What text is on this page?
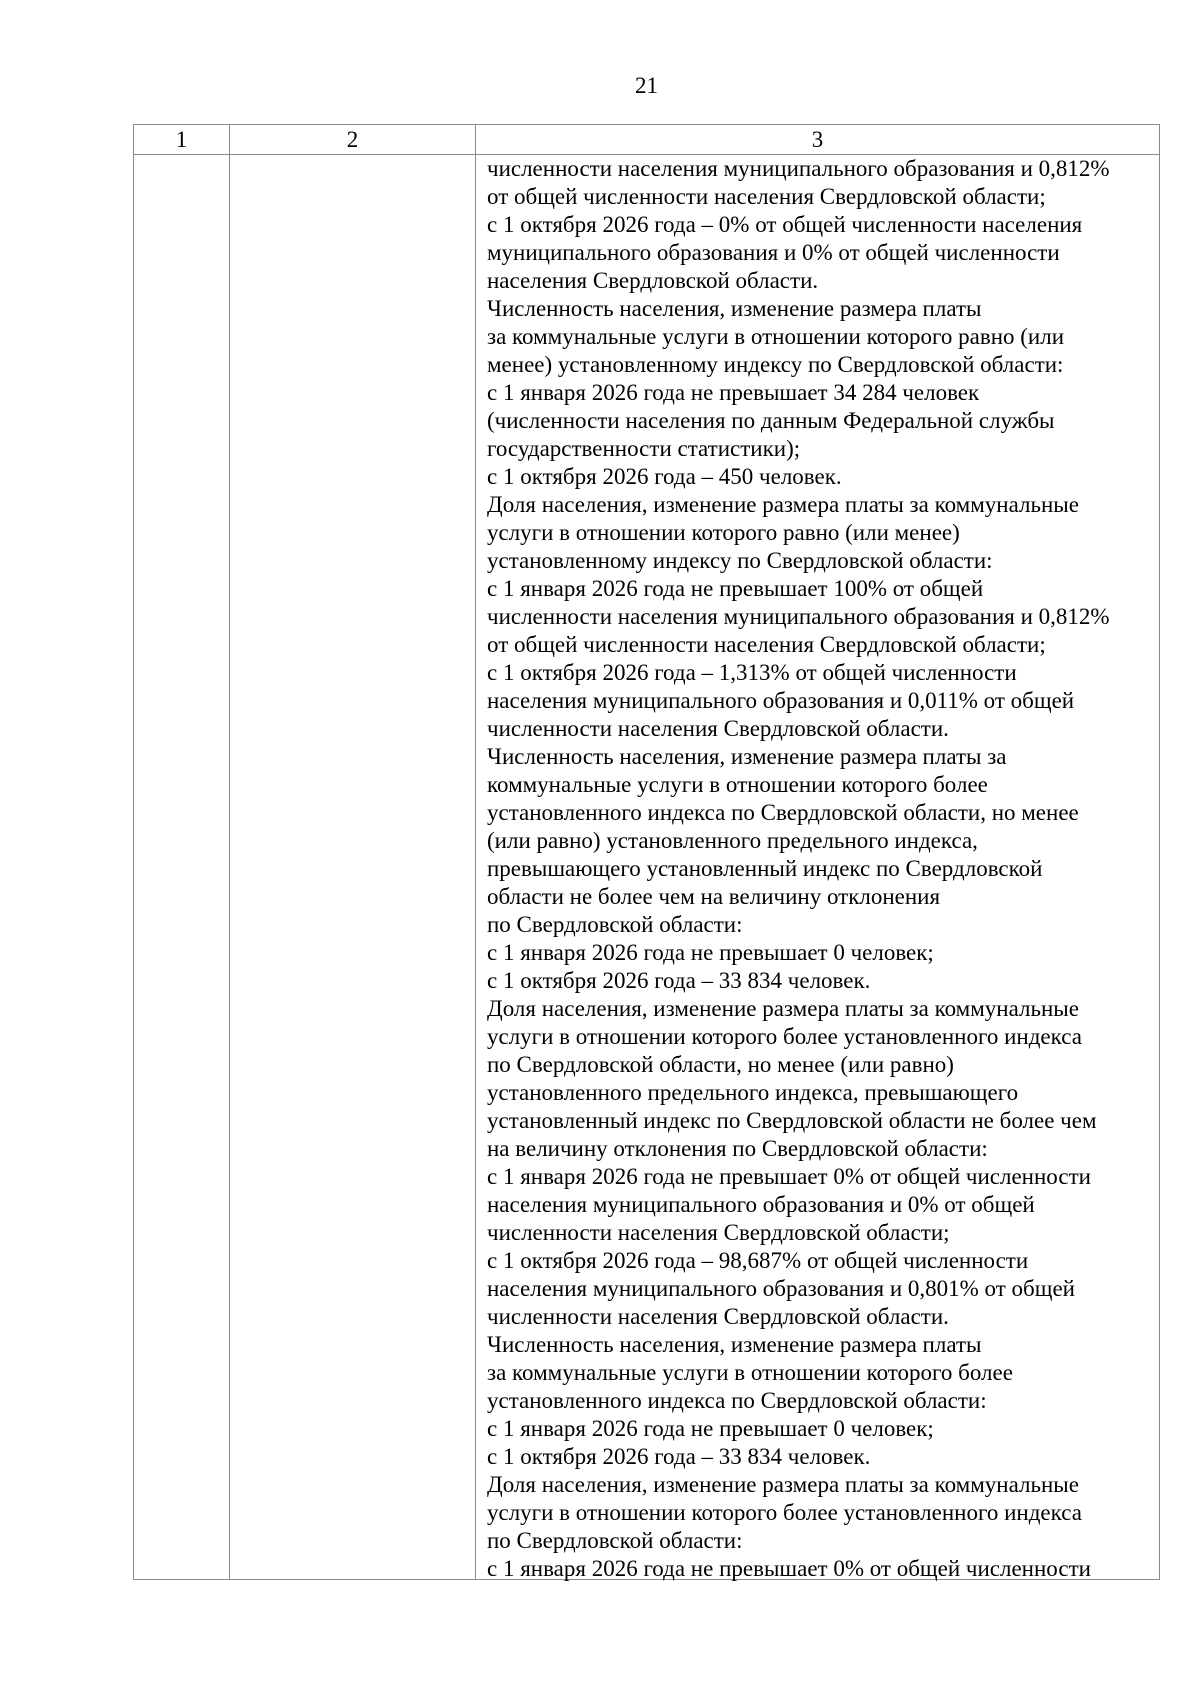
21
1	2	3
численности населения муниципального образования и 0,812%
от общей численности населения Свердловской области;
с 1 октября 2026 года – 0% от общей численности населения
муниципального образования и 0% от общей численности
населения Свердловской области.
Численность населения, изменение размера платы
за коммунальные услуги в отношении которого равно (или
менее) установленному индексу по Свердловской области:
с 1 января 2026 года не превышает 34 284 человек
(численности населения по данным Федеральной службы
государственности статистики);
с 1 октября 2026 года – 450 человек.
Доля населения, изменение размера платы за коммунальные
услуги в отношении которого равно (или менее)
установленному индексу по Свердловской области:
с 1 января 2026 года не превышает 100% от общей
численности населения муниципального образования и 0,812%
от общей численности населения Свердловской области;
с 1 октября 2026 года – 1,313% от общей численности
населения муниципального образования и 0,011% от общей
численности населения Свердловской области.
Численность населения, изменение размера платы за
коммунальные услуги в отношении которого более
установленного индекса по Свердловской области, но менее
(или равно) установленного предельного индекса,
превышающего установленный индекс по Свердловской
области не более чем на величину отклонения
по Свердловской области:
с 1 января 2026 года не превышает 0 человек;
с 1 октября 2026 года – 33 834 человек.
Доля населения, изменение размера платы за коммунальные
услуги в отношении которого более установленного индекса
по Свердловской области, но менее (или равно)
установленного предельного индекса, превышающего
установленный индекс по Свердловской области не более чем
на величину отклонения по Свердловской области:
с 1 января 2026 года не превышает 0% от общей численности
населения муниципального образования и 0% от общей
численности населения Свердловской области;
с 1 октября 2026 года – 98,687% от общей численности
населения муниципального образования и 0,801% от общей
численности населения Свердловской области.
Численность населения, изменение размера платы
за коммунальные услуги в отношении которого более
установленного индекса по Свердловской области:
с 1 января 2026 года не превышает 0 человек;
с 1 октября 2026 года – 33 834 человек.
Доля населения, изменение размера платы за коммунальные
услуги в отношении которого более установленного индекса
по Свердловской области:
с 1 января 2026 года не превышает 0% от общей численности
